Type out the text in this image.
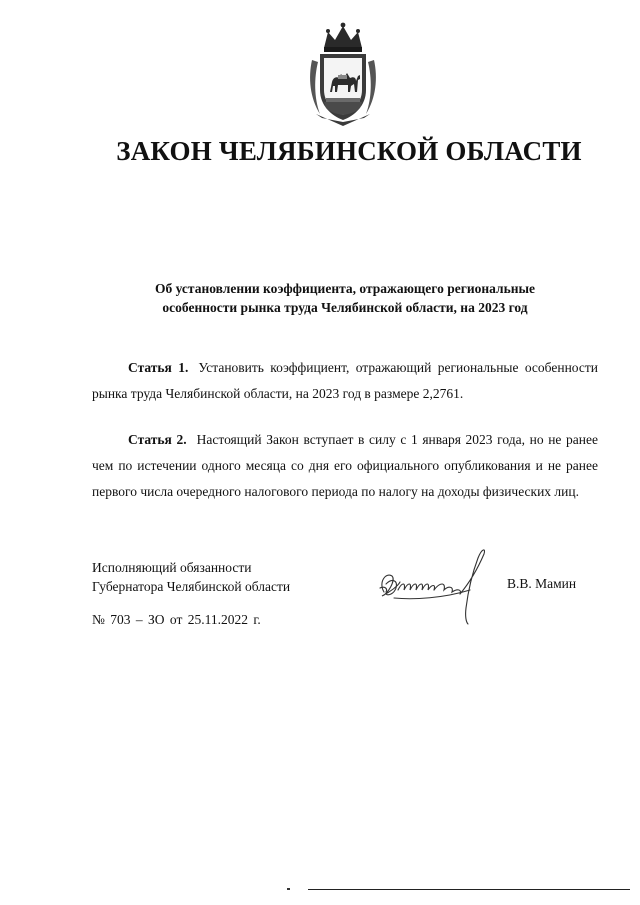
ЗАКОН ЧЕЛЯБИНСКОЙ ОБЛАСТИ
Об установлении коэффициента, отражающего региональные
особенности рынка труда Челябинской области, на 2023 год
Статья 1. Установить коэффициент, отражающий региональные особенности рынка труда Челябинской области, на 2023 год в размере 2,2761.
Статья 2. Настоящий Закон вступает в силу с 1 января 2023 года, но не ранее чем по истечении одного месяца со дня его официального опубликования и не ранее первого числа очередного налогового периода по налогу на доходы физических лиц.
Исполняющий обязанности
Губернатора Челябинской области	В.В. Мамин
№ 703 – ЗО от 25.11.2022 г.
